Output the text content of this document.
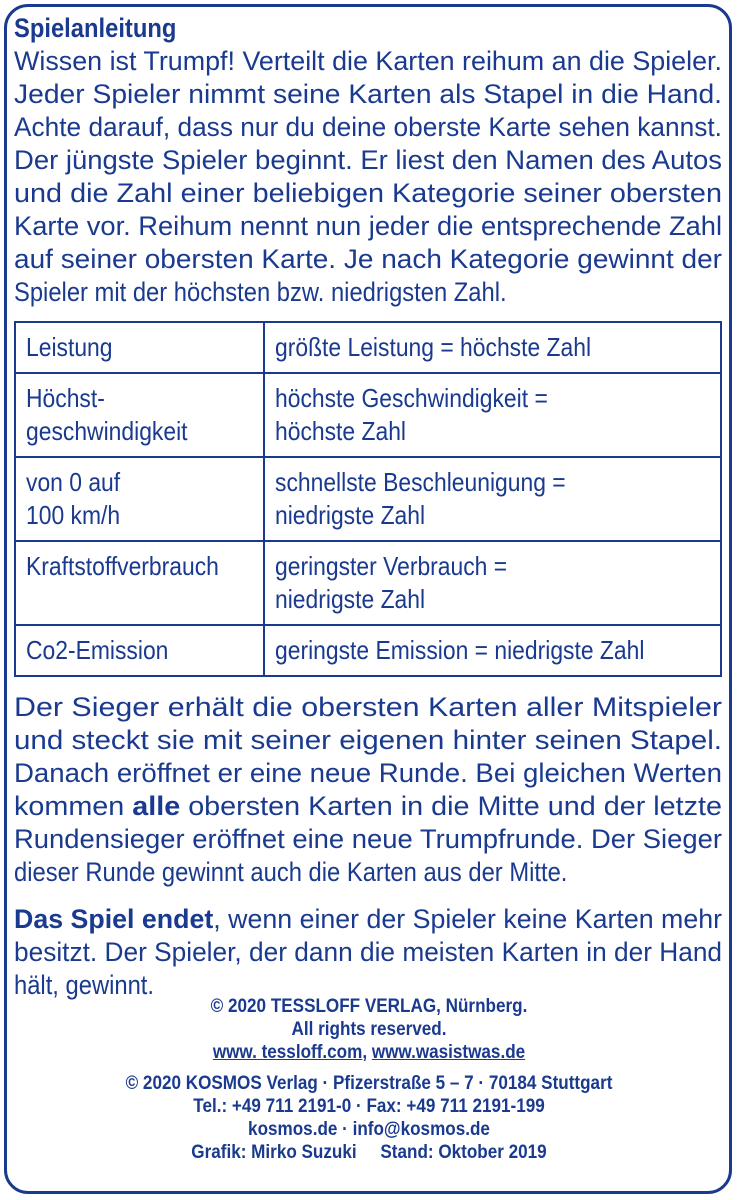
Spielanleitung
Wissen ist Trumpf! Verteilt die Karten reihum an die Spieler.
Jeder Spieler nimmt seine Karten als Stapel in die Hand.
Achte darauf, dass nur du deine oberste Karte sehen kannst.
Der jüngste Spieler beginnt. Er liest den Namen des Autos
und die Zahl einer beliebigen Kategorie seiner obersten
Karte vor. Reihum nennt nun jeder die entsprechende Zahl
auf seiner obersten Karte. Je nach Kategorie gewinnt der
Spieler mit der höchsten bzw. niedrigsten Zahl.
Leistung	größte Leistung = höchste Zahl

Höchst-
geschwindigkeit	höchste Geschwindigkeit =
höchste Zahl

von 0 auf
100 km/h	schnellste Beschleunigung =
niedrigste Zahl

Kraftstoffverbrauch	geringster Verbrauch =
niedrigste Zahl

Co2-Emission	geringste Emission = niedrigste Zahl
Der Sieger erhält die obersten Karten aller Mitspieler
und steckt sie mit seiner eigenen hinter seinen Stapel.
Danach eröffnet er eine neue Runde. Bei gleichen Werten
kommen alle obersten Karten in die Mitte und der letzte
Rundensieger eröffnet eine neue Trumpfrunde. Der Sieger
dieser Runde gewinnt auch die Karten aus der Mitte.
Das Spiel endet, wenn einer der Spieler keine Karten mehr
besitzt. Der Spieler, der dann die meisten Karten in der Hand
hält, gewinnt.
© 2020 TESSLOFF VERLAG, Nürnberg.
All rights reserved.
www. tessloff.com, www.wasistwas.de
© 2020 KOSMOS Verlag · Pfizerstraße 5 – 7 · 70184 Stuttgart
Tel.: +49 711 2191-0 · Fax: +49 711 2191-199
kosmos.de · info@kosmos.de
Grafik: Mirko Suzuki     Stand: Oktober 2019
